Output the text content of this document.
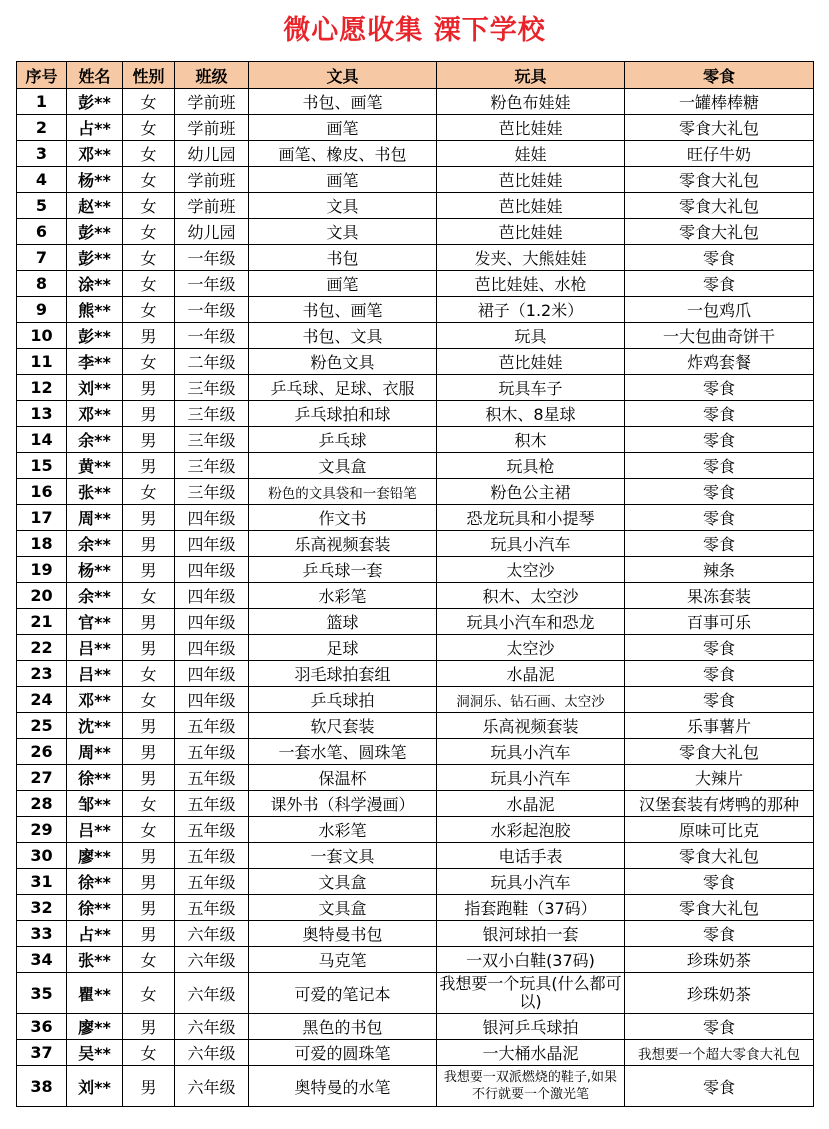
微心愿收集 溧下学校
序号	姓名	性别	班级	文具	玩具	零食
1	彭**	女	学前班	书包、画笔	粉色布娃娃	一罐棒棒糖
2	占**	女	学前班	画笔	芭比娃娃	零食大礼包
3	邓**	女	幼儿园	画笔、橡皮、书包	娃娃	旺仔牛奶
4	杨**	女	学前班	画笔	芭比娃娃	零食大礼包
5	赵**	女	学前班	文具	芭比娃娃	零食大礼包
6	彭**	女	幼儿园	文具	芭比娃娃	零食大礼包
7	彭**	女	一年级	书包	发夹、大熊娃娃	零食
8	涂**	女	一年级	画笔	芭比娃娃、水枪	零食
9	熊**	女	一年级	书包、画笔	裙子（1.2米）	一包鸡爪
10	彭**	男	一年级	书包、文具	玩具	一大包曲奇饼干
11	李**	女	二年级	粉色文具	芭比娃娃	炸鸡套餐
12	刘**	男	三年级	乒乓球、足球、衣服	玩具车子	零食
13	邓**	男	三年级	乒乓球拍和球	积木、8星球	零食
14	余**	男	三年级	乒乓球	积木	零食
15	黄**	男	三年级	文具盒	玩具枪	零食
16	张**	女	三年级	粉色的文具袋和一套铅笔	粉色公主裙	零食
17	周**	男	四年级	作文书	恐龙玩具和小提琴	零食
18	余**	男	四年级	乐高视频套装	玩具小汽车	零食
19	杨**	男	四年级	乒乓球一套	太空沙	辣条
20	余**	女	四年级	水彩笔	积木、太空沙	果冻套装
21	官**	男	四年级	篮球	玩具小汽车和恐龙	百事可乐
22	吕**	男	四年级	足球	太空沙	零食
23	吕**	女	四年级	羽毛球拍套组	水晶泥	零食
24	邓**	女	四年级	乒乓球拍	洞洞乐、钻石画、太空沙	零食
25	沈**	男	五年级	软尺套装	乐高视频套装	乐事薯片
26	周**	男	五年级	一套水笔、圆珠笔	玩具小汽车	零食大礼包
27	徐**	男	五年级	保温杯	玩具小汽车	大辣片
28	邹**	女	五年级	课外书（科学漫画）	水晶泥	汉堡套装有烤鸭的那种
29	吕**	女	五年级	水彩笔	水彩起泡胶	原味可比克
30	廖**	男	五年级	一套文具	电话手表	零食大礼包
31	徐**	男	五年级	文具盒	玩具小汽车	零食
32	徐**	男	五年级	文具盒	指套跑鞋（37码）	零食大礼包
33	占**	男	六年级	奥特曼书包	银河球拍一套	零食
34	张**	女	六年级	马克笔	一双小白鞋(37码)	珍珠奶茶
35	瞿**	女	六年级	可爱的笔记本	我想要一个玩具(什么都可以)	珍珠奶茶
36	廖**	男	六年级	黑色的书包	银河乒乓球拍	零食
37	吴**	女	六年级	可爱的圆珠笔	一大桶水晶泥	我想要一个超大零食大礼包
38	刘**	男	六年级	奥特曼的水笔	我想要一双派燃烧的鞋子,如果不行就要一个激光笔	零食
